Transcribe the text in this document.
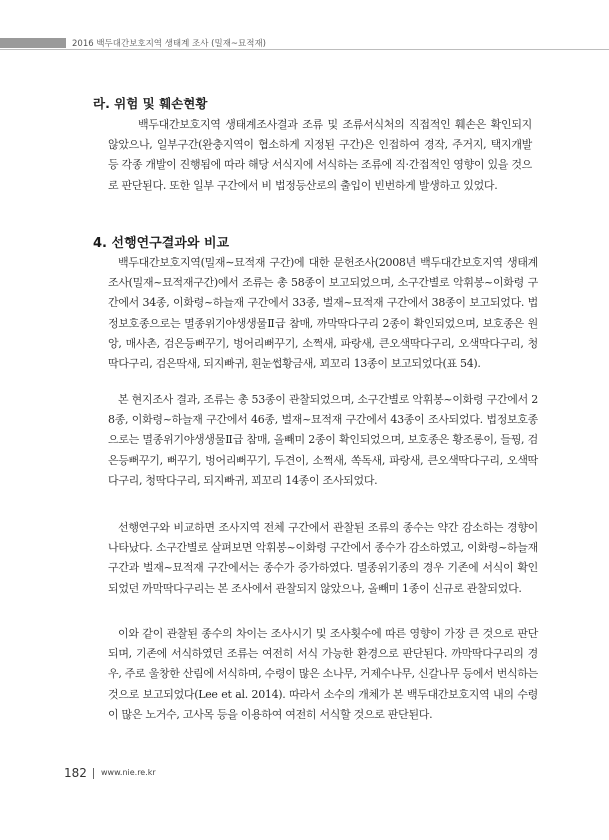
2016 백두대간보호지역 생태계 조사 (밀재~묘적재)
라. 위험 및 훼손현황

백두대간보호지역 생태계조사결과 조류 및 조류서식처의 직접적인 훼손은 확인되지 않았으나, 일부구간(완충지역이 협소하게 지정된 구간)은 인접하여 경작, 주거지, 택지개발 등 각종 개발이 진행됨에 따라 해당 서식지에 서식하는 조류에 직·간접적인 영향이 있을 것으로 판단된다. 또한 일부 구간에서 비 법정등산로의 출입이 빈번하게 발생하고 있었다.

4. 선행연구결과와 비교

백두대간보호지역(밀재∼묘적재 구간)에 대한 문헌조사(2008년 백두대간보호지역 생태계조사(밀재~묘적재구간)에서 조류는 총 58종이 보고되었으며, 소구간별로 악휘봉~이화령 구간에서 34종, 이화령~하늘재 구간에서 33종, 벌재~묘적재 구간에서 38종이 보고되었다. 법정보호종으로는 멸종위기야생생물Ⅱ급 참매, 까막딱다구리 2종이 확인되었으며, 보호종은 원앙, 매사촌, 검은등뻐꾸기, 벙어리뻐꾸기, 소쩍새, 파랑새, 큰오색딱다구리, 오색딱다구리, 청딱다구리, 검은딱새, 되지빠귀, 흰눈썹황금새, 꾀꼬리 13종이 보고되었다(표 54).

본 현지조사 결과, 조류는 총 53종이 관찰되었으며, 소구간별로 악휘봉~이화령 구간에서 28종, 이화령~하늘재 구간에서 46종, 벌재~묘적재 구간에서 43종이 조사되었다. 법정보호종으로는 멸종위기야생생물Ⅱ급 참매, 올빼미 2종이 확인되었으며, 보호종은 황조롱이, 들꿩, 검은등뻐꾸기, 뻐꾸기, 벙어리뻐꾸기, 두견이, 소쩍새, 쏙독새, 파랑새, 큰오색딱다구리, 오색딱다구리, 청딱다구리, 되지빠귀, 꾀꼬리 14종이 조사되었다.

선행연구와 비교하면 조사지역 전체 구간에서 관찰된 조류의 종수는 약간 감소하는 경향이 나타났다. 소구간별로 살펴보면 악휘봉~이화령 구간에서 종수가 감소하였고, 이화령~하늘재 구간과 벌재~묘적재 구간에서는 종수가 증가하였다. 멸종위기종의 경우 기존에 서식이 확인되었던 까막딱다구리는 본 조사에서 관찰되지 않았으나, 올빼미 1종이 신규로 관찰되었다.

이와 같이 관찰된 종수의 차이는 조사시기 및 조사횟수에 따른 영향이 가장 큰 것으로 판단되며, 기존에 서식하였던 조류는 여전히 서식 가능한 환경으로 판단된다. 까막딱다구리의 경우, 주로 울창한 산림에 서식하며, 수령이 많은 소나무, 거제수나무, 신갈나무 등에서 번식하는 것으로 보고되었다(Lee et al. 2014). 따라서 소수의 개체가 본 백두대간보호지역 내의 수령이 많은 노거수, 고사목 등을 이용하여 여전히 서식할 것으로 판단된다.

182 www.nie.re.kr
